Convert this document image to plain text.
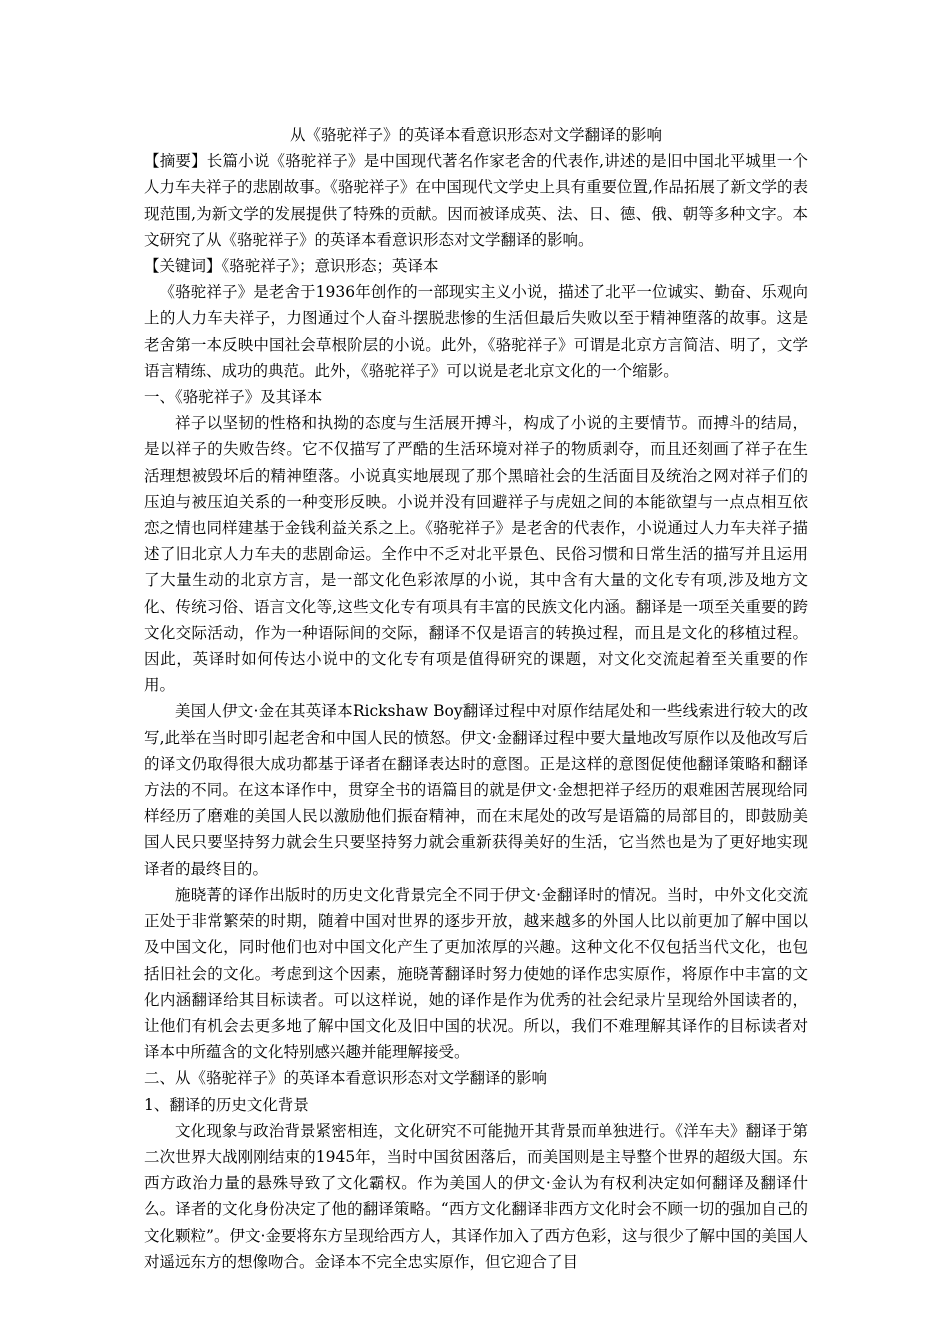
从《骆驼祥子》的英译本看意识形态对文学翻译的影响

【摘要】长篇小说《骆驼祥子》是中国现代著名作家老舍的代表作,讲述的是旧中国北平城里一个人力车夫祥子的悲剧故事。《骆驼祥子》在中国现代文学史上具有重要位置,作品拓展了新文学的表现范围,为新文学的发展提供了特殊的贡献。因而被译成英、法、日、德、俄、朝等多种文字。本文研究了从《骆驼祥子》的英译本看意识形态对文学翻译的影响。

【关键词】《骆驼祥子》；意识形态；英译本

《骆驼祥子》是老舍于1936年创作的一部现实主义小说，描述了北平一位诚实、勤奋、乐观向上的人力车夫祥子，力图通过个人奋斗摆脱悲惨的生活但最后失败以至于精神堕落的故事。这是老舍第一本反映中国社会草根阶层的小说。此外，《骆驼祥子》可谓是北京方言简洁、明了，文学语言精练、成功的典范。此外，《骆驼祥子》可以说是老北京文化的一个缩影。

一、《骆驼祥子》及其译本

祥子以坚韧的性格和执拗的态度与生活展开搏斗，构成了小说的主要情节。而搏斗的结局，是以祥子的失败告终。它不仅描写了严酷的生活环境对祥子的物质剥夺，而且还刻画了祥子在生活理想被毁坏后的精神堕落。小说真实地展现了那个黑暗社会的生活面目及统治之网对祥子们的压迫与被压迫关系的一种变形反映。小说并没有回避祥子与虎妞之间的本能欲望与一点点相互依恋之情也同样建基于金钱利益关系之上。《骆驼祥子》是老舍的代表作，小说通过人力车夫祥子描述了旧北京人力车夫的悲剧命运。全作中不乏对北平景色、民俗习惯和日常生活的描写并且运用了大量生动的北京方言，是一部文化色彩浓厚的小说，其中含有大量的文化专有项,涉及地方文化、传统习俗、语言文化等,这些文化专有项具有丰富的民族文化内涵。翻译是一项至关重要的跨文化交际活动，作为一种语际间的交际，翻译不仅是语言的转换过程，而且是文化的移植过程。因此，英译时如何传达小说中的文化专有项是值得研究的课题，对文化交流起着至关重要的作用。

美国人伊文·金在其英译本Rickshaw Boy翻译过程中对原作结尾处和一些线索进行较大的改写,此举在当时即引起老舍和中国人民的愤怒。伊文·金翻译过程中要大量地改写原作以及他改写后的译文仍取得很大成功都基于译者在翻译表达时的意图。正是这样的意图促使他翻译策略和翻译方法的不同。在这本译作中，贯穿全书的语篇目的就是伊文·金想把祥子经历的艰难困苦展现给同样经历了磨难的美国人民以激励他们振奋精神，而在末尾处的改写是语篇的局部目的，即鼓励美国人民只要坚持努力就会生只要坚持努力就会重新获得美好的生活，它当然也是为了更好地实现译者的最终目的。

施晓菁的译作出版时的历史文化背景完全不同于伊文·金翻译时的情况。当时，中外文化交流正处于非常繁荣的时期，随着中国对世界的逐步开放，越来越多的外国人比以前更加了解中国以及中国文化，同时他们也对中国文化产生了更加浓厚的兴趣。这种文化不仅包括当代文化，也包括旧社会的文化。考虑到这个因素，施晓菁翻译时努力使她的译作忠实原作，将原作中丰富的文化内涵翻译给其目标读者。可以这样说，她的译作是作为优秀的社会纪录片呈现给外国读者的，让他们有机会去更多地了解中国文化及旧中国的状况。所以，我们不难理解其译作的目标读者对译本中所蕴含的文化特别感兴趣并能理解接受。

二、从《骆驼祥子》的英译本看意识形态对文学翻译的影响

1、翻译的历史文化背景

文化现象与政治背景紧密相连，文化研究不可能抛开其背景而单独进行。《洋车夫》翻译于第二次世界大战刚刚结束的1945年，当时中国贫困落后，而美国则是主导整个世界的超级大国。东西方政治力量的悬殊导致了文化霸权。作为美国人的伊文·金认为有权利决定如何翻译及翻译什么。译者的文化身份决定了他的翻译策略。“西方文化翻译非西方文化时会不顾一切的强加自己的文化颗粒”。伊文·金要将东方呈现给西方人，其译作加入了西方色彩，这与很少了解中国的美国人对遥远东方的想像吻合。金译本不完全忠实原作，但它迎合了目
